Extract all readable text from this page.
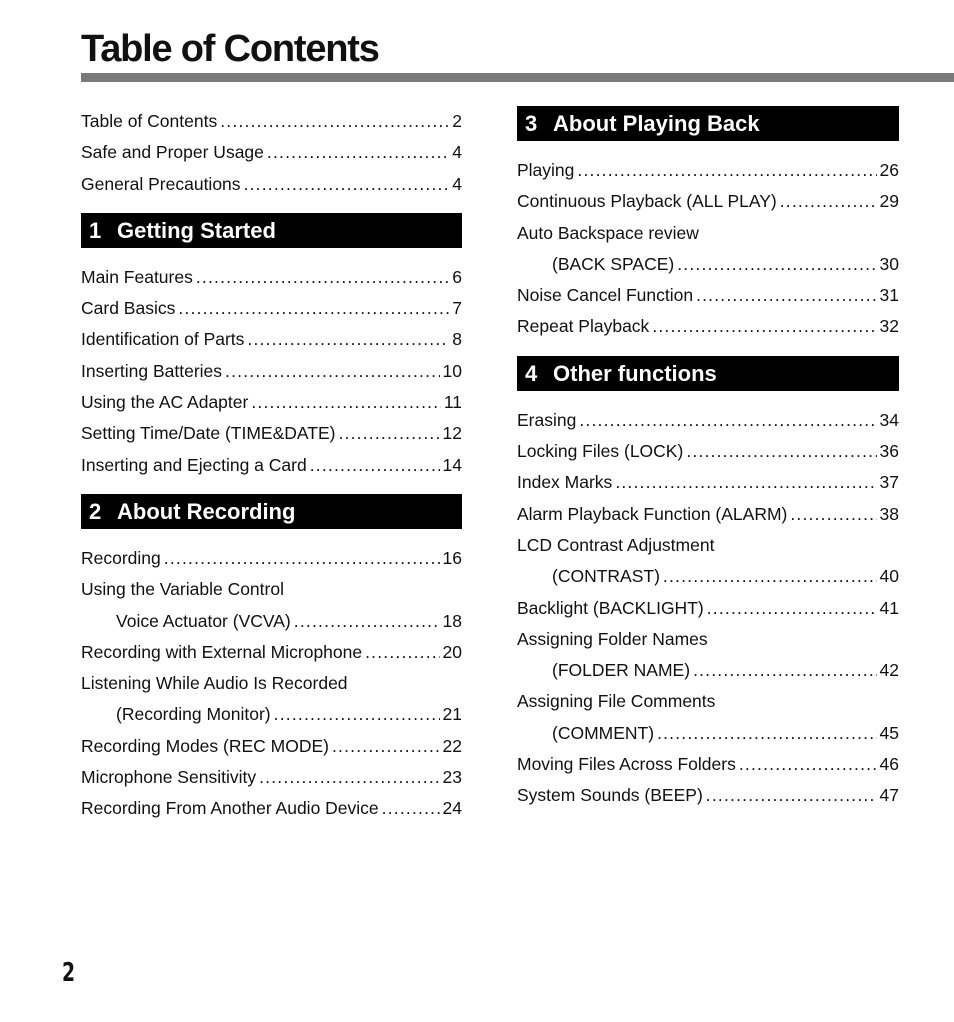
Table of Contents
Table of Contents .....	2
Safe and Proper Usage .....	4
General Precautions .....	4
1 Getting Started
Main Features .....	6
Card Basics .....	7
Identification of Parts .....	8
Inserting Batteries .....	10
Using the AC Adapter .....	11
Setting Time/Date (TIME&DATE) .....	12
Inserting and Ejecting a Card .....	14
2 About Recording
Recording .....	16
Using the Variable Control
Voice Actuator (VCVA) .....	18
Recording with External Microphone .....	20
Listening While Audio Is Recorded
(Recording Monitor) .....	21
Recording Modes (REC MODE) .....	22
Microphone Sensitivity .....	23
Recording From Another Audio Device .....	24
3 About Playing Back
Playing .....	26
Continuous Playback (ALL PLAY) .....	29
Auto Backspace review
(BACK SPACE) .....	30
Noise Cancel Function .....	31
Repeat Playback .....	32
4 Other functions
Erasing .....	34
Locking Files (LOCK) .....	36
Index Marks .....	37
Alarm Playback Function (ALARM) .....	38
LCD Contrast Adjustment
(CONTRAST) .....	40
Backlight (BACKLIGHT) .....	41
Assigning Folder Names
(FOLDER NAME) .....	42
Assigning File Comments
(COMMENT) .....	45
Moving Files Across Folders .....	46
System Sounds (BEEP) .....	47
2
